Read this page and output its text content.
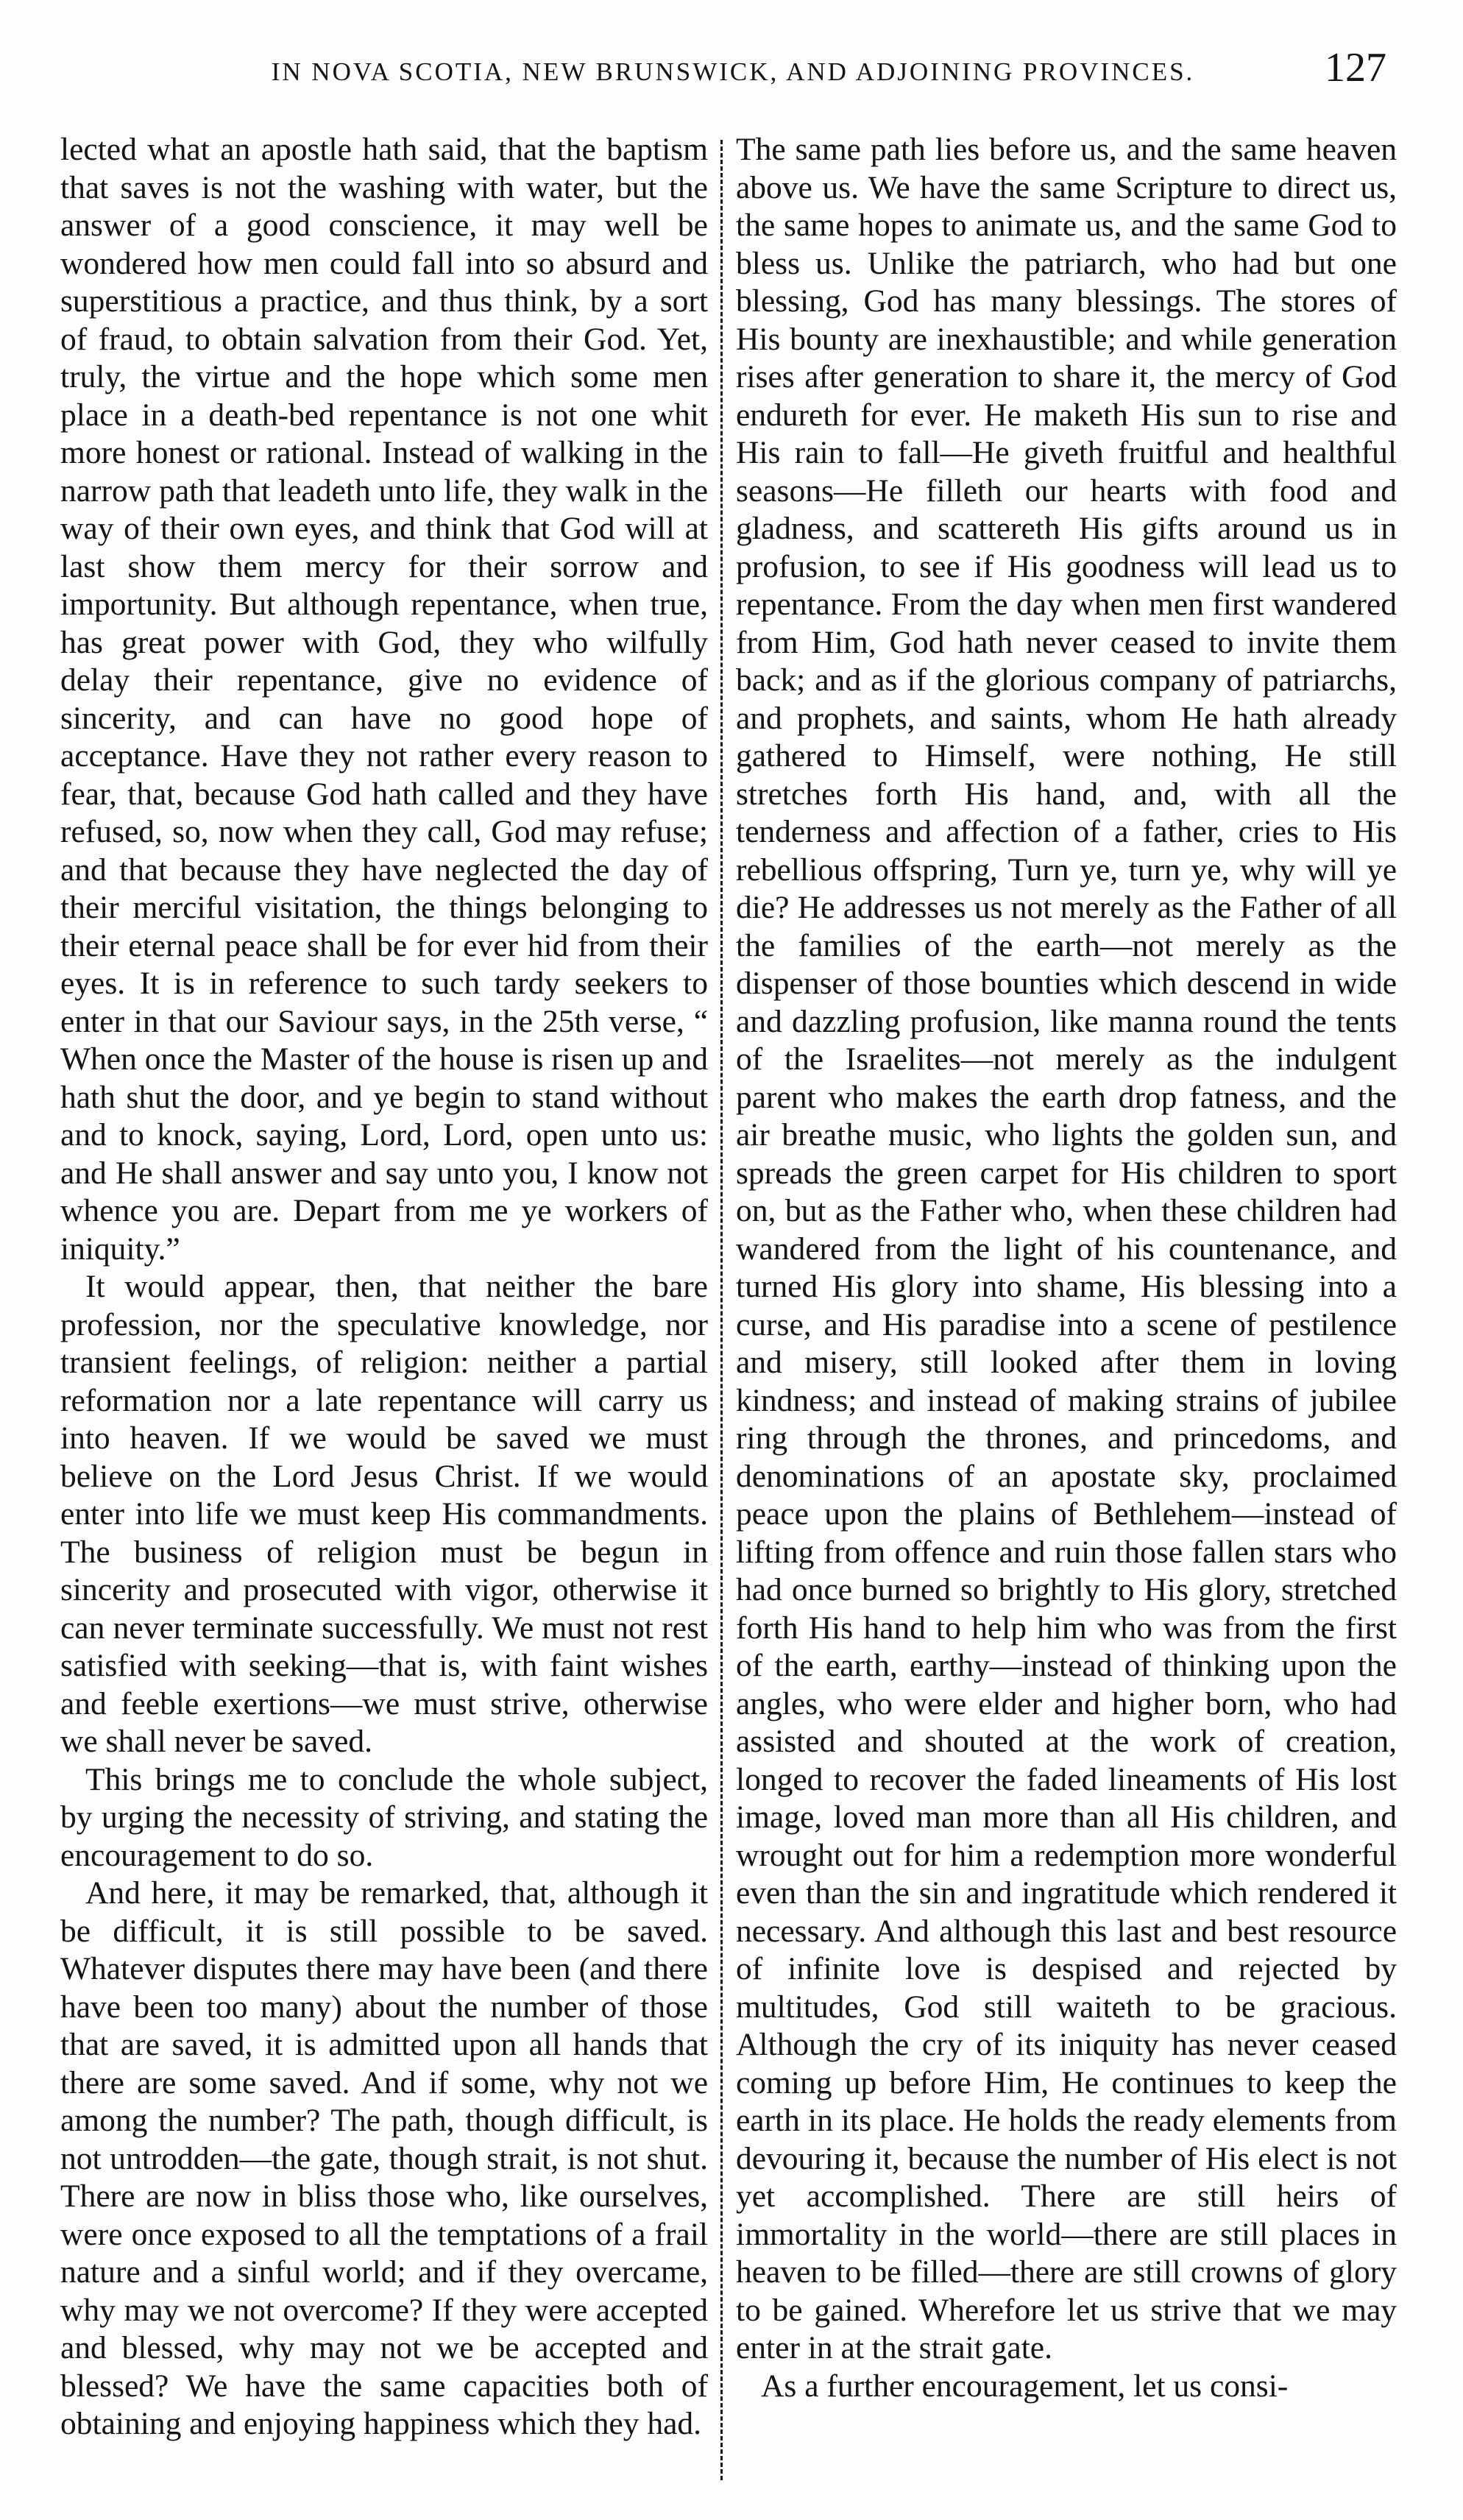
IN NOVA SCOTIA, NEW BRUNSWICK, AND ADJOINING PROVINCES.	127

lected what an apostle hath said, that the baptism that saves is not the washing with water, but the answer of a good conscience, it may well be wondered how men could fall into so absurd and superstitious a practice, and thus think, by a sort of fraud, to obtain salvation from their God. Yet, truly, the virtue and the hope which some men place in a death-bed repentance is not one whit more honest or rational. Instead of walking in the narrow path that leadeth unto life, they walk in the way of their own eyes, and think that God will at last show them mercy for their sorrow and importunity. But although repentance, when true, has great power with God, they who wilfully delay their repentance, give no evidence of sincerity, and can have no good hope of acceptance. Have they not rather every reason to fear, that, because God hath called and they have refused, so, now when they call, God may refuse; and that because they have neglected the day of their merciful visitation, the things belonging to their eternal peace shall be for ever hid from their eyes. It is in reference to such tardy seekers to enter in that our Saviour says, in the 25th verse, “ When once the Master of the house is risen up and hath shut the door, and ye begin to stand without and to knock, saying, Lord, Lord, open unto us: and He shall answer and say unto you, I know not whence you are. Depart from me ye workers of iniquity.”

It would appear, then, that neither the bare profession, nor the speculative knowledge, nor transient feelings, of religion: neither a partial reformation nor a late repentance will carry us into heaven. If we would be saved we must believe on the Lord Jesus Christ. If we would enter into life we must keep His commandments. The business of religion must be begun in sincerity and prosecuted with vigor, otherwise it can never terminate successfully. We must not rest satisfied with seeking—that is, with faint wishes and feeble exertions—we must strive, otherwise we shall never be saved.

This brings me to conclude the whole subject, by urging the necessity of striving, and stating the encouragement to do so.

And here, it may be remarked, that, although it be difficult, it is still possible to be saved. Whatever disputes there may have been (and there have been too many) about the number of those that are saved, it is admitted upon all hands that there are some saved. And if some, why not we among the number? The path, though difficult, is not untrodden—the gate, though strait, is not shut. There are now in bliss those who, like ourselves, were once exposed to all the temptations of a frail nature and a sinful world; and if they overcame, why may we not overcome? If they were accepted and blessed, why may not we be accepted and blessed? We have the same capacities both of obtaining and enjoying happiness which they had.

The same path lies before us, and the same heaven above us. We have the same Scripture to direct us, the same hopes to animate us, and the same God to bless us. Unlike the patriarch, who had but one blessing, God has many blessings. The stores of His bounty are inexhaustible; and while generation rises after generation to share it, the mercy of God endureth for ever. He maketh His sun to rise and His rain to fall—He giveth fruitful and healthful seasons—He filleth our hearts with food and gladness, and scattereth His gifts around us in profusion, to see if His goodness will lead us to repentance. From the day when men first wandered from Him, God hath never ceased to invite them back; and as if the glorious company of patriarchs, and prophets, and saints, whom He hath already gathered to Himself, were nothing, He still stretches forth His hand, and, with all the tenderness and affection of a father, cries to His rebellious offspring, Turn ye, turn ye, why will ye die? He addresses us not merely as the Father of all the families of the earth—not merely as the dispenser of those bounties which descend in wide and dazzling profusion, like manna round the tents of the Israelites—not merely as the indulgent parent who makes the earth drop fatness, and the air breathe music, who lights the golden sun, and spreads the green carpet for His children to sport on, but as the Father who, when these children had wandered from the light of his countenance, and turned His glory into shame, His blessing into a curse, and His paradise into a scene of pestilence and misery, still looked after them in loving kindness; and instead of making strains of jubilee ring through the thrones, and princedoms, and denominations of an apostate sky, proclaimed peace upon the plains of Bethlehem—instead of lifting from offence and ruin those fallen stars who had once burned so brightly to His glory, stretched forth His hand to help him who was from the first of the earth, earthy—instead of thinking upon the angles, who were elder and higher born, who had assisted and shouted at the work of creation, longed to recover the faded lineaments of His lost image, loved man more than all His children, and wrought out for him a redemption more wonderful even than the sin and ingratitude which rendered it necessary. And although this last and best resource of infinite love is despised and rejected by multitudes, God still waiteth to be gracious. Although the cry of its iniquity has never ceased coming up before Him, He continues to keep the earth in its place. He holds the ready elements from devouring it, because the number of His elect is not yet accomplished. There are still heirs of immortality in the world—there are still places in heaven to be filled—there are still crowns of glory to be gained. Wherefore let us strive that we may enter in at the strait gate.

As a further encouragement, let us consi-
